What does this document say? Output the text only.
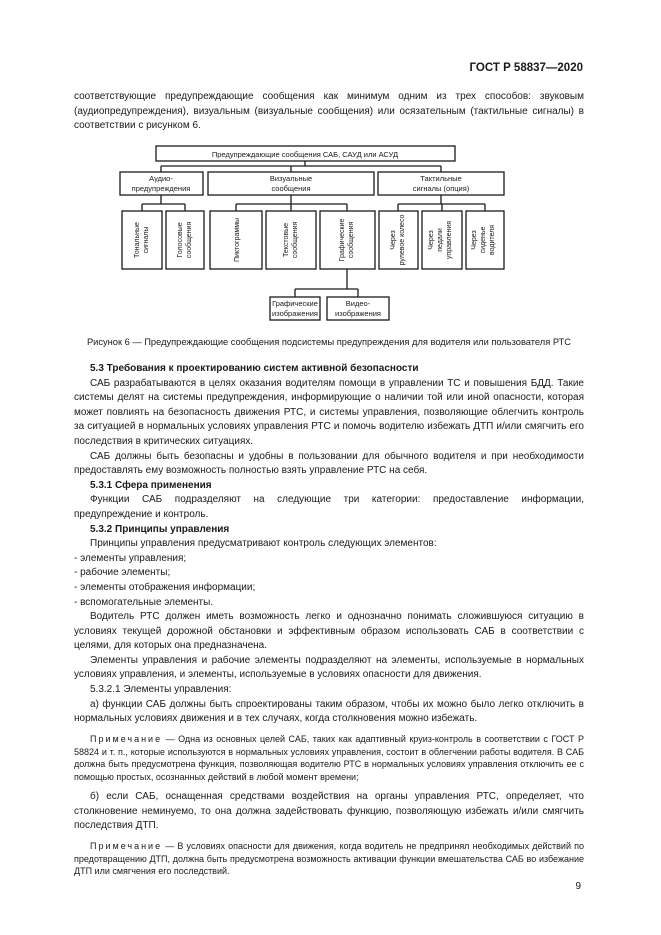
ГОСТ Р 58837—2020

соответствующие предупреждающие сообщения как минимум одним из трех способов: звуковым (аудиопредупреждения), визуальным (визуальные сообщения) или осязательным (тактильные сигналы) в соответствии с рисунком 6.

Предупреждающие сообщения САБ, САУД или АСУД
Аудио-
предупреждения
Визуальные
сообщения
Тактильные
сигналы (опция)
Графические
изображения
Видео-
изображения
Тональные сигналы	Голосовые сообщения	Пиктограммы	Текстовые сообщения	Графические сообщения	Через рулевое колесо	Через педали управления	Через сиденье водителя
Рисунок 6 — Предупреждающие сообщения подсистемы предупреждения для водителя или пользователя РТС

5.3 Требования к проектированию систем активной безопасности

САБ разрабатываются в целях оказания водителям помощи в управлении ТС и повышения БДД. Такие системы делят на системы предупреждения, информирующие о наличии той или иной опасности, которая может повлиять на безопасность движения РТС, и системы управления, позволяющие облегчить контроль за ситуацией в нормальных условиях управления РТС и помочь водителю избежать ДТП и/или смягчить его последствия в критических ситуациях.

САБ должны быть безопасны и удобны в пользовании для обычного водителя и при необходимости предоставлять ему возможность полностью взять управление РТС на себя.

5.3.1 Сфера применения

Функции САБ подразделяют на следующие три категории: предоставление информации, предупреждение и контроль.

5.3.2 Принципы управления

Принципы управления предусматривают контроль следующих элементов:

- элементы управления;
- рабочие элементы;
- элементы отображения информации;
- вспомогательные элементы.

Водитель РТС должен иметь возможность легко и однозначно понимать сложившуюся ситуацию в условиях текущей дорожной обстановки и эффективным образом использовать САБ в соответствии с целями, для которых она предназначена.

Элементы управления и рабочие элементы подразделяют на элементы, используемые в нормальных условиях управления, и элементы, используемые в условиях опасности для движения.

5.3.2.1 Элементы управления:

а) функции САБ должны быть спроектированы таким образом, чтобы их можно было легко отключить в нормальных условиях движения и в тех случаях, когда столкновения можно избежать.

Примечание — Одна из основных целей САБ, таких как адаптивный круиз-контроль в соответствии с ГОСТ Р 58824 и т. п., которые используются в нормальных условиях управления, состоит в облегчении работы водителя. В САБ должна быть предусмотрена функция, позволяющая водителю РТС в нормальных условиях управления отключить ее с помощью простых, осознанных действий в любой момент времени;

б) если САБ, оснащенная средствами воздействия на органы управления РТС, определяет, что столкновение неминуемо, то она должна задействовать функцию, позволяющую избежать и/или смягчить последствия ДТП.

Примечание — В условиях опасности для движения, когда водитель не предпринял необходимых действий по предотвращению ДТП, должна быть предусмотрена возможность активации функции вмешательства САБ во избежание ДТП или смягчения его последствий.

9
